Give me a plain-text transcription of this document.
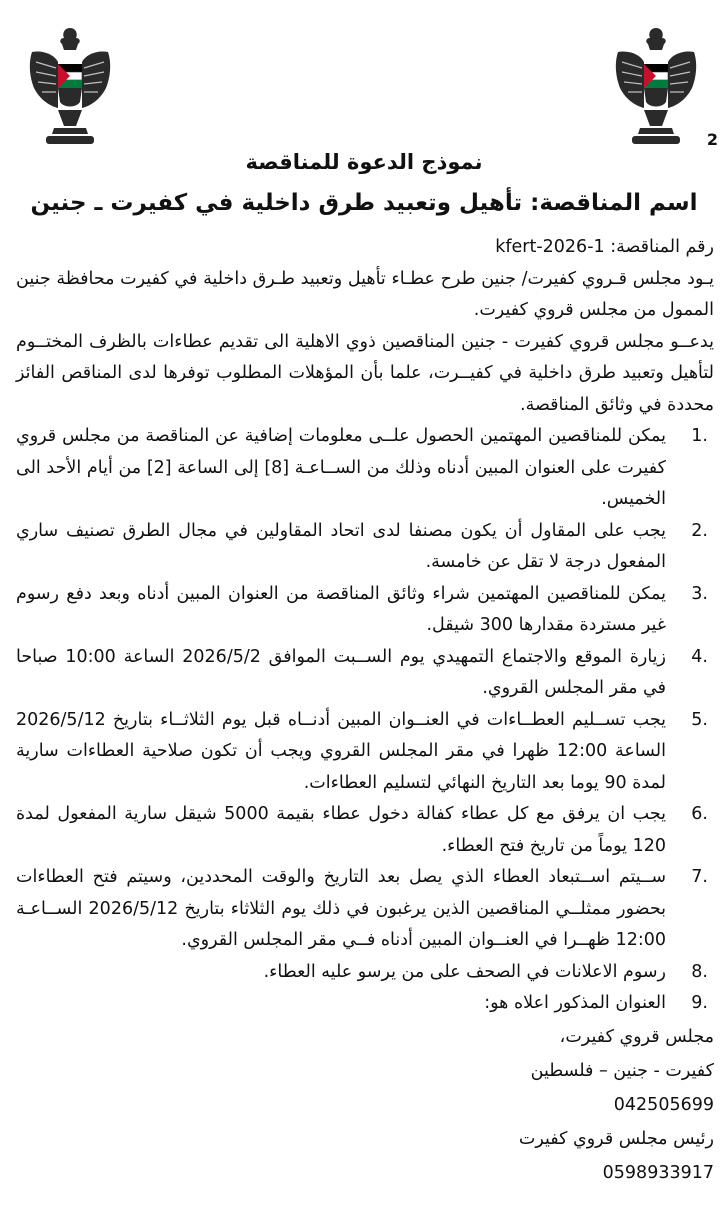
2
نموذج الدعوة للمناقصة
اسم المناقصة: تأهيل وتعبيد طرق داخلية في كفيرت ـ جنين

رقم المناقصة: kfert-2026-1

يـود مجلس قـروي كفيرت/ جنين طرح عطـاء تأهيل وتعبيد طـرق داخلية في كفيرت محافظة جنين الممول من مجلس قروي كفيرت.

يدعــو مجلس قروي كفيرت - جنين المناقصين ذوي الاهلية الى تقديم عطاءات بالظرف المختــوم لتأهيل وتعبيد طرق داخلية في كفيــرت، علما بأن المؤهلات المطلوب توفرها لدى المناقص الفائز محددة في وثائق المناقصة.

1.
يمكن للمناقصين المهتمين الحصول علــى معلومات إضافية عن المناقصة من مجلس قروي كفيرت على العنوان المبين أدناه وذلك من الســاعـة [8] إلى الساعة [2] من أيام الأحد الى الخميس.
2.
يجب على المقاول أن يكون مصنفا لدى اتحاد المقاولين في مجال الطرق تصنيف ساري المفعول درجة لا تقل عن خامسة.
3.
يمكن للمناقصين المهتمين شراء وثائق المناقصة من العنوان المبين أدناه وبعد دفع رسوم غير مستردة مقدارها 300 شيقل.
4.
زيارة الموقع والاجتماع التمهيدي يوم الســبت الموافق 2026/5/2 الساعة 10:00 صباحا في مقر المجلس القروي.
5.
يجب تســليم العطــاءات في العنــوان المبين أدنــاه قبل يوم الثلاثــاء بتاريخ 2026/5/12 الساعة 12:00 ظهرا في مقر المجلس القروي ويجب أن تكون صلاحية العطاءات سارية لمدة 90 يوما بعد التاريخ النهائي لتسليم العطاءات.
6.
يجب ان يرفق مع كل عطاء كفالة دخول عطاء بقيمة 5000 شيقل سارية المفعول لمدة 120 يوماً من تاريخ فتح العطاء.
7.
ســيتم اســتبعاد العطاء الذي يصل بعد التاريخ والوقت المحددين، وسيتم فتح العطاءات بحضور ممثلــي المناقصين الذين يرغبون في ذلك يوم الثلاثاء بتاريخ 2026/5/12 الســاعـة 12:00 ظهــرا في العنــوان المبين أدناه فــي مقر المجلس القروي.
8.
رسوم الاعلانات في الصحف على من يرسو عليه العطاء.
9.
العنوان المذكور اعلاه هو:
مجلس قروي كفيرت،
كفيرت - جنين – فلسطين
042505699
رئيس مجلس قروي كفيرت
0598933917
